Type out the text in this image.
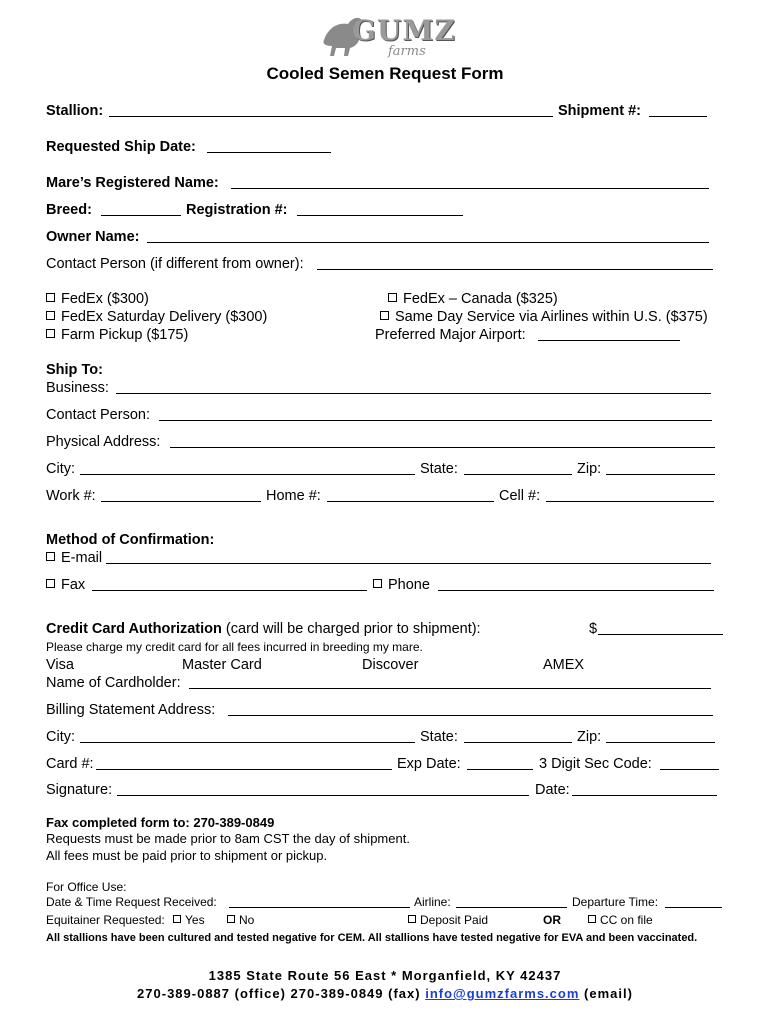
GUMZ
farms
Cooled Semen Request Form
Stallion:	Shipment #:
Requested Ship Date:
Mare’s Registered Name:
Breed:	Registration #:
Owner Name:
Contact Person (if different from owner):
FedEx ($300)
FedEx Saturday Delivery ($300)
Farm Pickup ($175)
FedEx – Canada ($325)
Same Day Service via Airlines within U.S. ($375)
Preferred Major Airport:
Ship To:
Business:
Contact Person:
Physical Address:
City:	State:	Zip:
Work #:	Home #:	Cell #:
Method of Confirmation:
E-mail
Fax	Phone
Credit Card Authorization (card will be charged prior to shipment):	$
Please charge my credit card for all fees incurred in breeding my mare.
Visa	Master Card	Discover	AMEX
Name of Cardholder:
Billing Statement Address:
City:	State:	Zip:
Card #:	Exp Date:	3 Digit Sec Code:
Signature:	Date:
Fax completed form to: 270-389-0849
Requests must be made prior to 8am CST the day of shipment.
All fees must be paid prior to shipment or pickup.
For Office Use:
Date & Time Request Received:	Airline:	Departure Time:
Equitainer Requested:	Yes	No	Deposit Paid	OR	CC on file
All stallions have been cultured and tested negative for CEM. All stallions have tested negative for EVA and been vaccinated.
1385 State Route 56 East * Morganfield, KY 42437
270-389-0887 (office) 270-389-0849 (fax) info@gumzfarms.com (email)
